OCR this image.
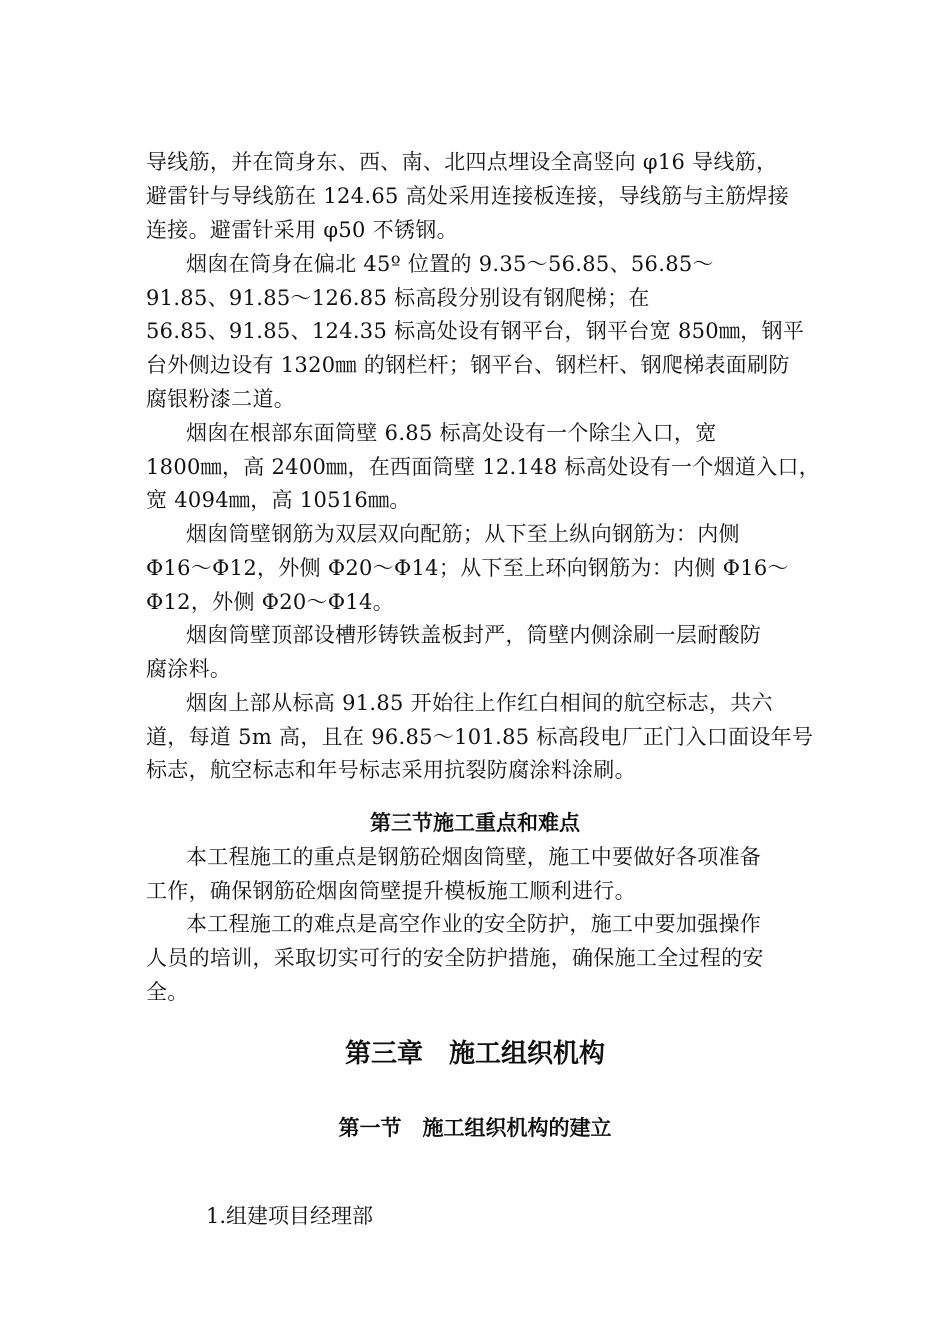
导线筋，并在筒身东、西、南、北四点埋设全高竖向 φ16 导线筋，
避雷针与导线筋在 124.65 高处采用连接板连接，导线筋与主筋焊接
连接。避雷针采用 φ50 不锈钢。
烟囱在筒身在偏北 45º 位置的 9.35～56.85、56.85～
91.85、91.85～126.85 标高段分别设有钢爬梯；在
56.85、91.85、124.35 标高处设有钢平台，钢平台宽 850㎜，钢平
台外侧边设有 1320㎜ 的钢栏杆；钢平台、钢栏杆、钢爬梯表面刷防
腐银粉漆二道。
烟囱在根部东面筒壁 6.85 标高处设有一个除尘入口，宽
1800㎜，高 2400㎜，在西面筒壁 12.148 标高处设有一个烟道入口，
宽 4094㎜，高 10516㎜。
烟囱筒壁钢筋为双层双向配筋；从下至上纵向钢筋为：内侧
Φ16～Φ12，外侧 Φ20～Φ14；从下至上环向钢筋为：内侧 Φ16～
Φ12，外侧 Φ20～Φ14。
烟囱筒壁顶部设槽形铸铁盖板封严，筒壁内侧涂刷一层耐酸防
腐涂料。
烟囱上部从标高 91.85 开始往上作红白相间的航空标志，共六
道，每道 5m 高，且在 96.85～101.85 标高段电厂正门入口面设年号
标志，航空标志和年号标志采用抗裂防腐涂料涂刷。
第三节施工重点和难点
本工程施工的重点是钢筋砼烟囱筒壁，施工中要做好各项准备
工作，确保钢筋砼烟囱筒壁提升模板施工顺利进行。
本工程施工的难点是高空作业的安全防护，施工中要加强操作
人员的培训，采取切实可行的安全防护措施，确保施工全过程的安
全。
第三章　施工组织机构
第一节　施工组织机构的建立
1.组建项目经理部
